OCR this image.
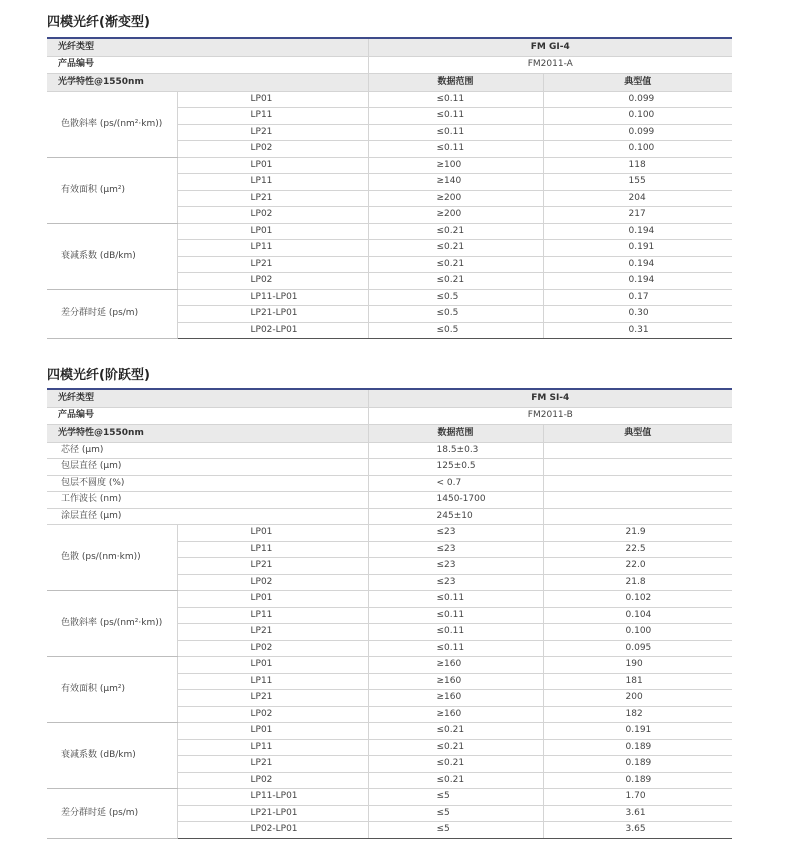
四模光纤(渐变型)
光纤类型		FM GI-4	
产品编号		FM2011-A	
光学特性@1550nm		数据范围	典型值
色散斜率 (ps/(nm²·km))	LP01	≤0.11	0.099
	LP11	≤0.11	0.100
	LP21	≤0.11	0.099
	LP02	≤0.11	0.100
有效面积 (μm²)	LP01	≥100	118
	LP11	≥140	155
	LP21	≥200	204
	LP02	≥200	217
衰减系数 (dB/km)	LP01	≤0.21	0.194
	LP11	≤0.21	0.191
	LP21	≤0.21	0.194
	LP02	≤0.21	0.194
差分群时延 (ps/m)	LP11-LP01	≤0.5	0.17
	LP21-LP01	≤0.5	0.30
	LP02-LP01	≤0.5	0.31
四模光纤(阶跃型)
光纤类型		FM SI-4	
产品编号		FM2011-B	
光学特性@1550nm		数据范围	典型值
芯径 (μm)		18.5±0.3	
包层直径 (μm)		125±0.5	
包层不圆度 (%)		< 0.7	
工作波长 (nm)		1450-1700	
涂层直径 (μm)		245±10	
色散 (ps/(nm·km))	LP01	≤23	21.9
	LP11	≤23	22.5
	LP21	≤23	22.0
	LP02	≤23	21.8
色散斜率 (ps/(nm²·km))	LP01	≤0.11	0.102
	LP11	≤0.11	0.104
	LP21	≤0.11	0.100
	LP02	≤0.11	0.095
有效面积 (μm²)	LP01	≥160	190
	LP11	≥160	181
	LP21	≥160	200
	LP02	≥160	182
衰减系数 (dB/km)	LP01	≤0.21	0.191
	LP11	≤0.21	0.189
	LP21	≤0.21	0.189
	LP02	≤0.21	0.189
差分群时延 (ps/m)	LP11-LP01	≤5	1.70
	LP21-LP01	≤5	3.61
	LP02-LP01	≤5	3.65
